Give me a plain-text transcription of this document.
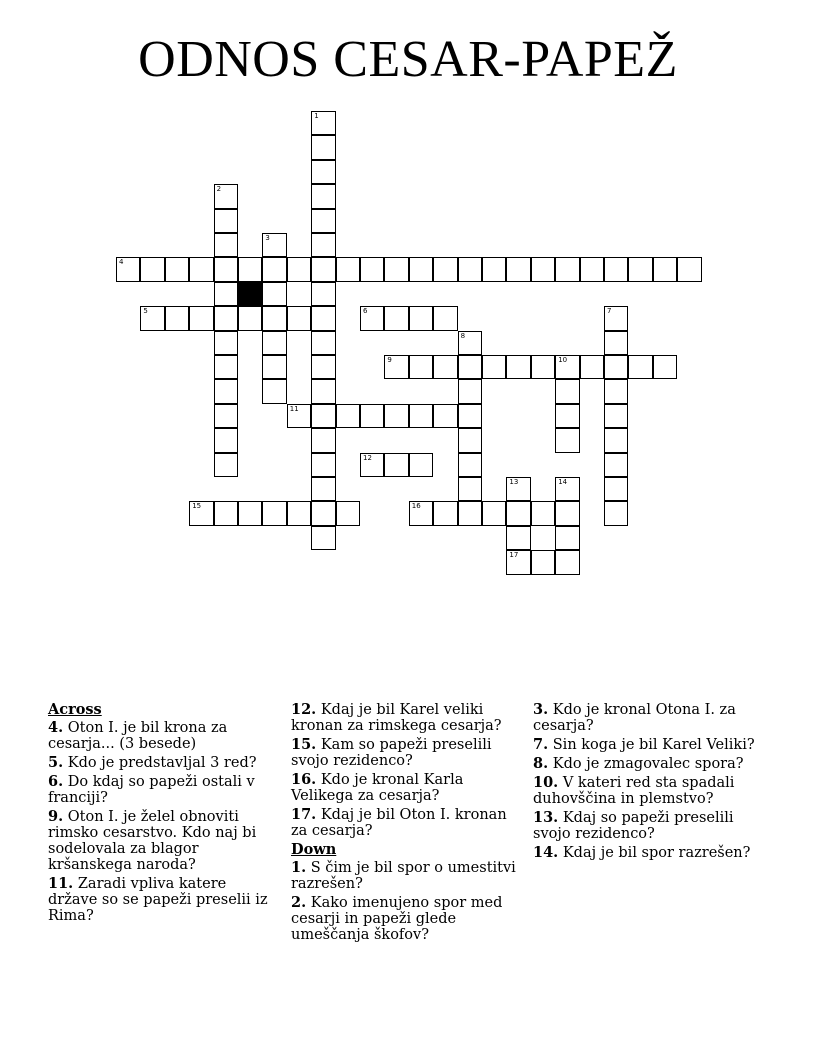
ODNOS CESAR-PAPEŽ
1
2
3
4
5	6	7
8
9	10
11
12
13
17
14
15	16
Across
4. Oton I. je bil krona za cesarja... (3 besede)
5. Kdo je predstavljal 3 red?
6. Do kdaj so papeži ostali v franciji?
9. Oton I. je želel obnoviti rimsko cesarstvo. Kdo naj bi sodelovala za blagor kršanskega naroda?
11. Zaradi vpliva katere države so se papeži preselii iz Rima?
12. Kdaj je bil Karel veliki kronan za rimskega cesarja?
15. Kam so papeži preselili svojo rezidenco?
16. Kdo je kronal Karla Velikega za cesarja?
17. Kdaj je bil Oton I. kronan za cesarja?
Down
1. S čim je bil spor o umestitvi razrešen?
2. Kako imenujeno spor med cesarji in papeži glede umeščanja škofov?
3. Kdo je kronal Otona I. za cesarja?
7. Sin koga je bil Karel Veliki?
8. Kdo je zmagovalec spora?
10. V kateri red sta spadali duhovščina in plemstvo?
13. Kdaj so papeži preselili svojo rezidenco?
14. Kdaj je bil spor razrešen?
